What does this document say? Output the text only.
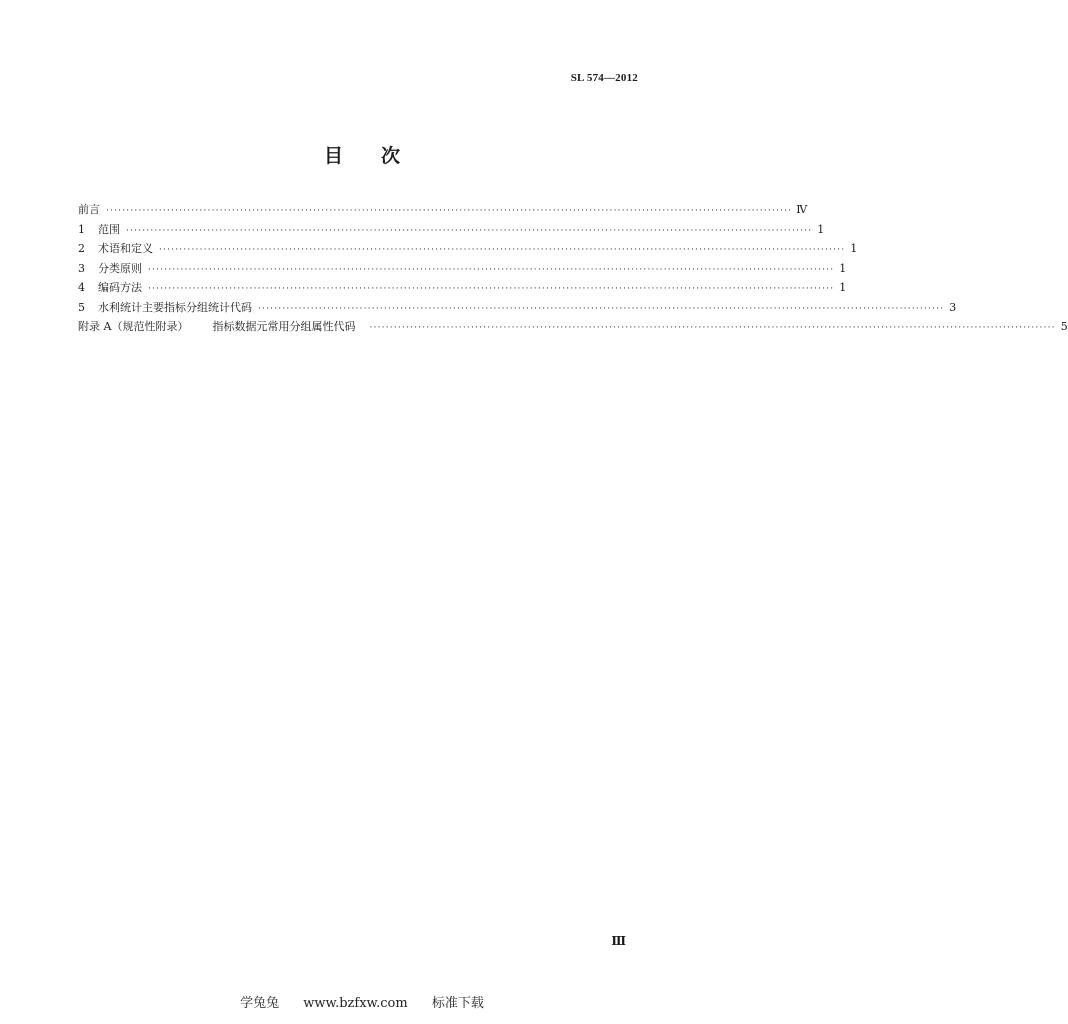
SL 574—2012
目 次
前言 ········································································································································································· Ⅳ
1 范围 ········································································································································································· 1
2 术语和定义 ········································································································································································· 1
3 分类原则 ········································································································································································· 1
4 编码方法 ········································································································································································· 1
5 水利统计主要指标分组统计代码 ········································································································································································· 3
附录 A（规范性附录） 指标数据元常用分组属性代码 ········································································································································································· 5
Ⅲ
学兔兔 www.bzfxw.com 标准下载
